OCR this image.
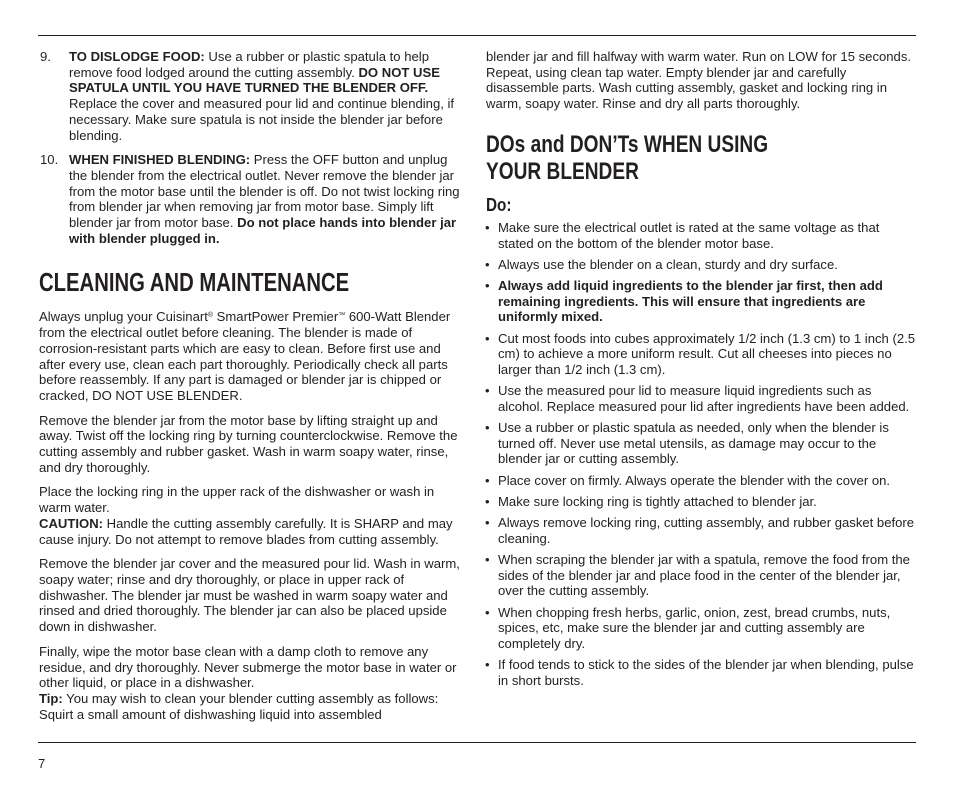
9. TO DISLODGE FOOD: Use a rubber or plastic spatula to help remove food lodged around the cutting assembly. DO NOT USE SPATULA UNTIL YOU HAVE TURNED THE BLENDER OFF. Replace the cover and measured pour lid and continue blending, if necessary. Make sure spatula is not inside the blender jar before blending.
10. WHEN FINISHED BLENDING: Press the OFF button and unplug the blender from the electrical outlet. Never remove the blender jar from the motor base until the blender is off. Do not twist locking ring from blender jar when removing jar from motor base. Simply lift blender jar from motor base. Do not place hands into blender jar with blender plugged in.
CLEANING AND MAINTENANCE

Always unplug your Cuisinart® SmartPower Premier™ 600-Watt Blender from the electrical outlet before cleaning. The blender is made of corrosion-resistant parts which are easy to clean. Before first use and after every use, clean each part thoroughly. Periodically check all parts before reassembly. If any part is damaged or blender jar is chipped or cracked, DO NOT USE BLENDER.

Remove the blender jar from the motor base by lifting straight up and away. Twist off the locking ring by turning counterclockwise. Remove the cutting assembly and rubber gasket. Wash in warm soapy water, rinse, and dry thoroughly.

Place the locking ring in the upper rack of the dishwasher or wash in warm water.

CAUTION: Handle the cutting assembly carefully. It is SHARP and may cause injury. Do not attempt to remove blades from cutting assembly.

Remove the blender jar cover and the measured pour lid. Wash in warm, soapy water; rinse and dry thoroughly, or place in upper rack of dishwasher. The blender jar must be washed in warm soapy water and rinsed and dried thoroughly. The blender jar can also be placed upside down in dishwasher.

Finally, wipe the motor base clean with a damp cloth to remove any residue, and dry thoroughly. Never submerge the motor base in water or other liquid, or place in a dishwasher.

Tip: You may wish to clean your blender cutting assembly as follows: Squirt a small amount of dishwashing liquid into assembled

blender jar and fill halfway with warm water. Run on LOW for 15 seconds. Repeat, using clean tap water. Empty blender jar and carefully disassemble parts. Wash cutting assembly, gasket and locking ring in warm, soapy water. Rinse and dry all parts thoroughly.

DOs and DON’Ts WHEN USING
YOUR BLENDER
Do:
• Make sure the electrical outlet is rated at the same voltage as that stated on the bottom of the blender motor base.
• Always use the blender on a clean, sturdy and dry surface.
• Always add liquid ingredients to the blender jar first, then add remaining ingredients. This will ensure that ingredients are uniformly mixed.
• Cut most foods into cubes approximately 1/2 inch (1.3 cm) to 1 inch (2.5 cm) to achieve a more uniform result. Cut all cheeses into pieces no larger than 1/2 inch (1.3 cm).
• Use the measured pour lid to measure liquid ingredients such as alcohol. Replace measured pour lid after ingredients have been added.
• Use a rubber or plastic spatula as needed, only when the blender is turned off. Never use metal utensils, as damage may occur to the blender jar or cutting assembly.
• Place cover on firmly. Always operate the blender with the cover on.
• Make sure locking ring is tightly attached to blender jar.
• Always remove locking ring, cutting assembly, and rubber gasket before cleaning.
• When scraping the blender jar with a spatula, remove the food from the sides of the blender jar and place food in the center of the blender jar, over the cutting assembly.
• When chopping fresh herbs, garlic, onion, zest, bread crumbs, nuts, spices, etc, make sure the blender jar and cutting assembly are completely dry.
• If food tends to stick to the sides of the blender jar when blending, pulse in short bursts.
7
